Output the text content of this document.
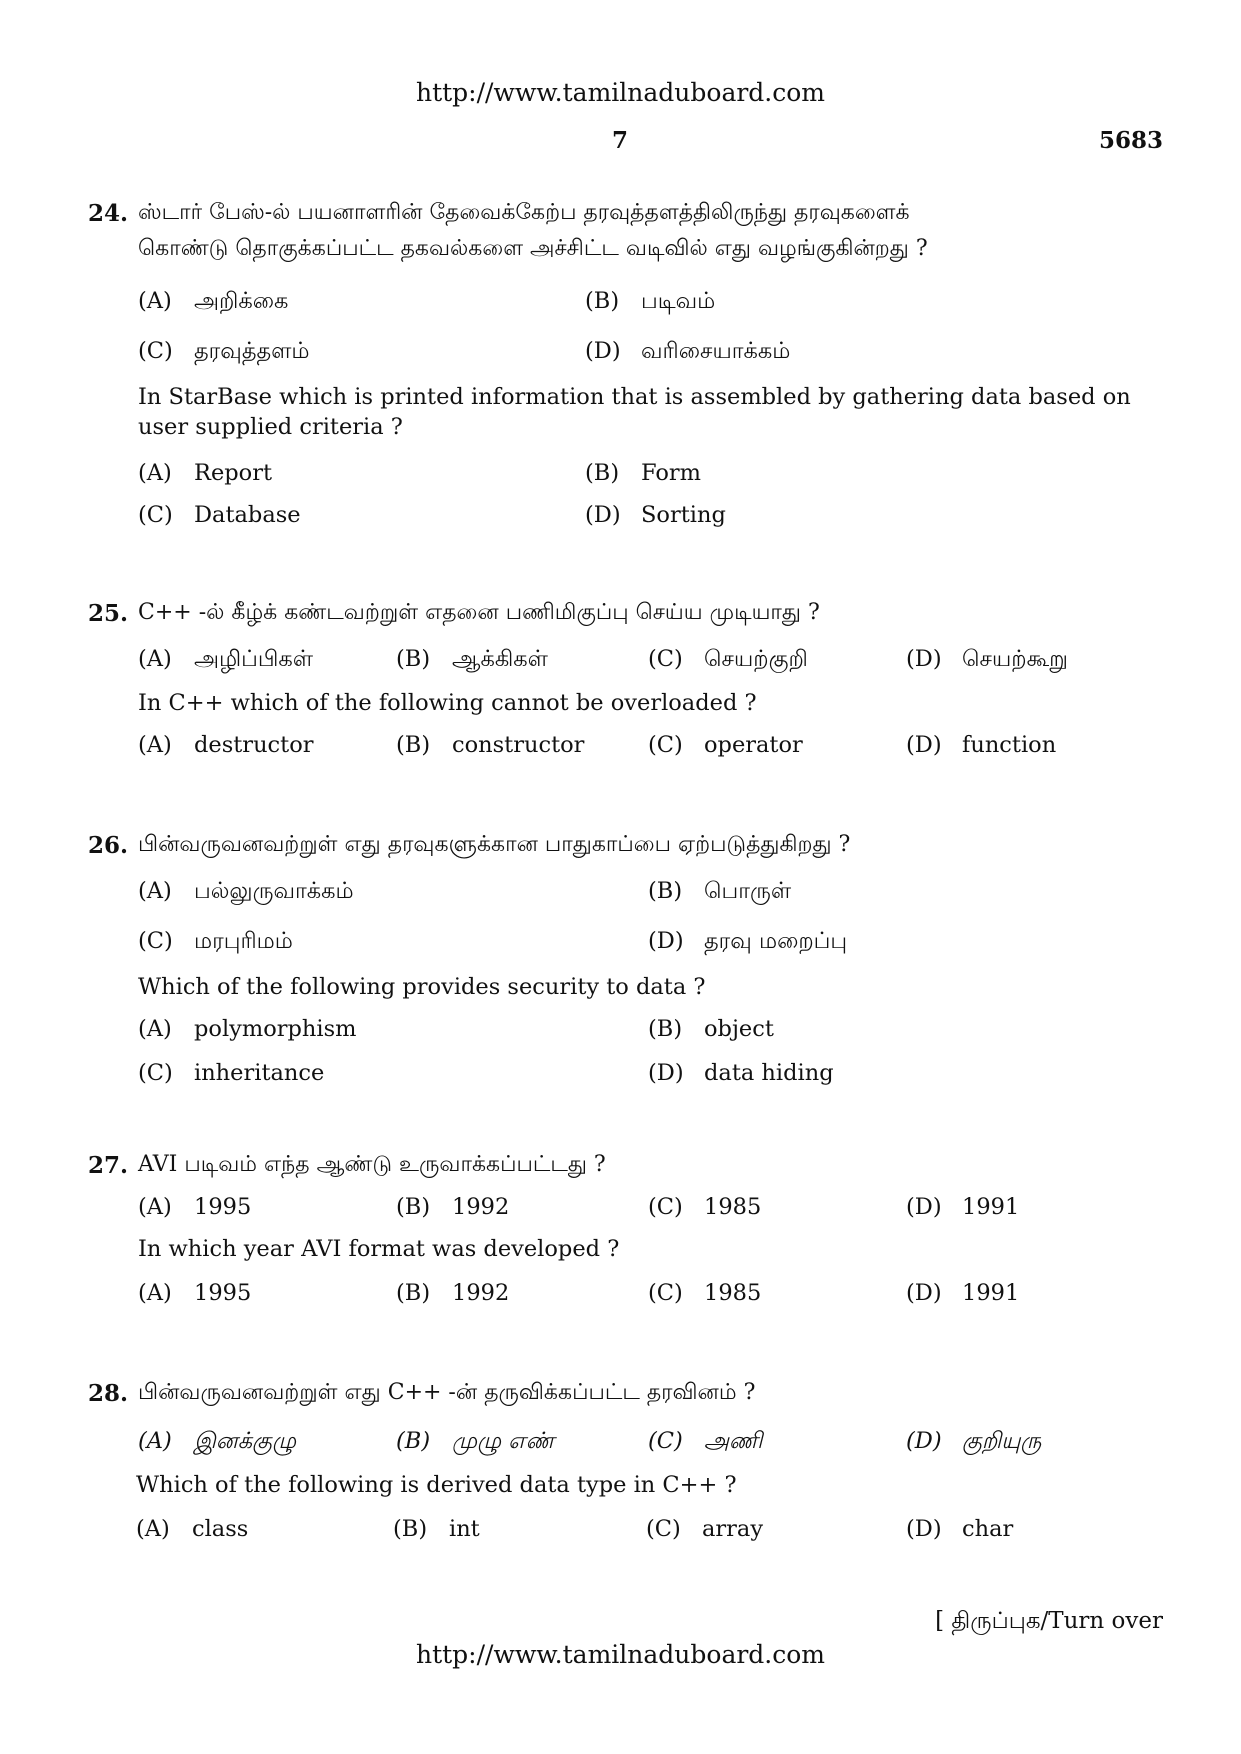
http://www.tamilnaduboard.com
7	5683
24. ஸ்டார் பேஸ்-ல் பயனாளரின் தேவைக்கேற்ப தரவுத்தளத்திலிருந்து தரவுகளைக்
கொண்டு தொகுக்கப்பட்ட தகவல்களை அச்சிட்ட வடிவில் எது வழங்குகின்றது ?
(A) அறிக்கை	(B) படிவம்
(C) தரவுத்தளம்	(D) வரிசையாக்கம்
In StarBase which is printed information that is assembled by gathering data based on
user supplied criteria ?
(A) Report	(B) Form
(C) Database	(D) Sorting
25. C++ -ல் கீழ்க் கண்டவற்றுள் எதனை பணிமிகுப்பு செய்ய முடியாது ?
(A) அழிப்பிகள்	(B) ஆக்கிகள்	(C) செயற்குறி	(D) செயற்கூறு
In C++ which of the following cannot be overloaded ?
(A) destructor	(B) constructor	(C) operator	(D) function
26. பின்வருவனவற்றுள் எது தரவுகளுக்கான பாதுகாப்பை ஏற்படுத்துகிறது ?
(A) பல்லுருவாக்கம்	(B) பொருள்
(C) மரபுரிமம்	(D) தரவு மறைப்பு
Which of the following provides security to data ?
(A) polymorphism	(B) object
(C) inheritance	(D) data hiding
27. AVI படிவம் எந்த ஆண்டு உருவாக்கப்பட்டது ?
(A) 1995	(B) 1992	(C) 1985	(D) 1991
In which year AVI format was developed ?
(A) 1995	(B) 1992	(C) 1985	(D) 1991
28. பின்வருவனவற்றுள் எது C++ -ன் தருவிக்கப்பட்ட தரவினம் ?
(A) இனக்குழு	(B) முழு எண்	(C) அணி	(D) குறியுரு
Which of the following is derived data type in C++ ?
(A) class	(B) int	(C) array	(D) char
[ திருப்புக/Turn over
http://www.tamilnaduboard.com
